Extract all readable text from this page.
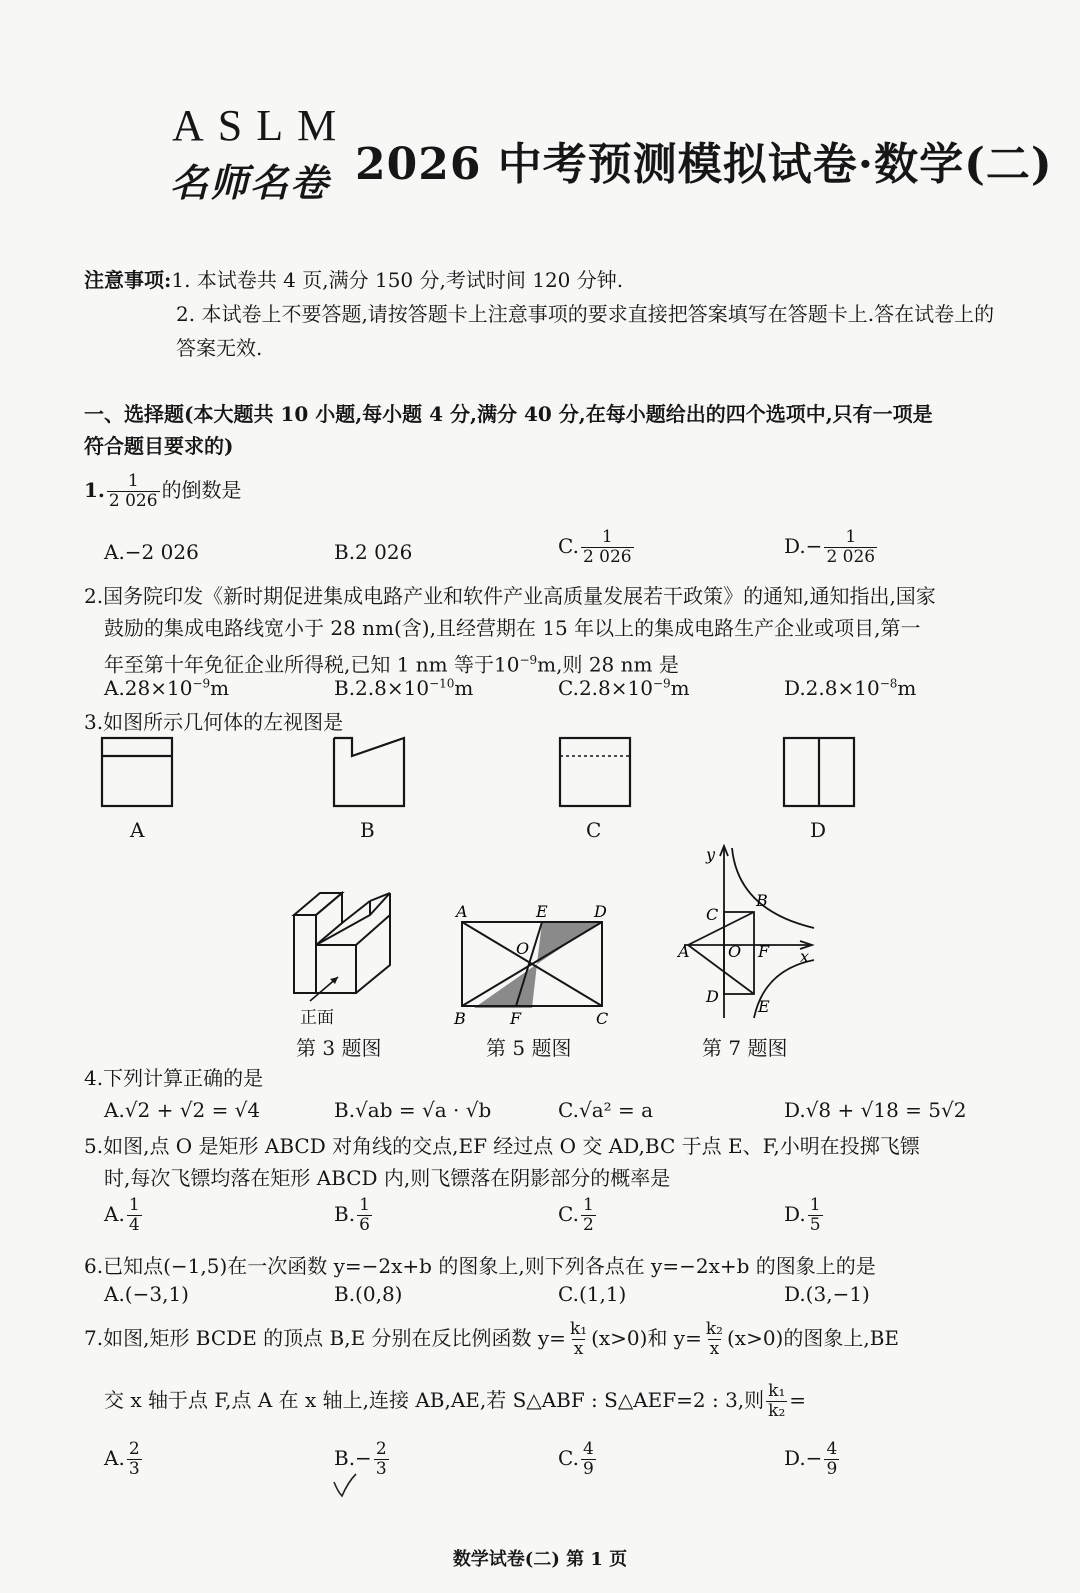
ASLM
名师名卷 2026 中考预测模拟试卷·数学(二)
注意事项:1. 本试卷共 4 页,满分 150 分,考试时间 120 分钟.
2. 本试卷上不要答题,请按答题卡上注意事项的要求直接把答案填写在答题卡上.答在试卷上的
答案无效.
一、选择题(本大题共 10 小题,每小题 4 分,满分 40 分,在每小题给出的四个选项中,只有一项是
符合题目要求的)
1. $\frac{1}{2 026}$ 的倒数是
A.−2 026	B.2 026	C. $\frac{1}{2 026}$	$D.- \frac{1}{2 026}$
2.国务院印发《新时期促进集成电路产业和软件产业高质量发展若干政策》的通知,通知指出,国家
鼓励的集成电路线宽小于 28 nm(含),且经营期在 15 年以上的集成电路生产企业或项目,第一
年至第十年免征企业所得税,已知 1 nm 等于$10^{-9}m$,则 28 nm 是
$A.28\times 10^{-9}m$	$B.2.8\times 10^{-10}m$	$C.2.8\times 10^{-9}m$	$D.2.8\times 10^{-8}m$
3.如图所示几何体的左视图是
A	B	C	D
正面
第 3 题图
A	E	D
O
B	F	C
第 5 题图
y
x
C
B
A O F
D
E
第 7 题图
4.下列计算正确的是
A.√2 + √2 = √4	B.√ab = √a · √b	C.√a² = a	D.√8 + √18 = 5√2
5.如图,点 O 是矩形 ABCD 对角线的交点,EF 经过点 O 交 AD,BC 于点 E、F,小明在投掷飞镖
时,每次飞镖均落在矩形 ABCD 内,则飞镖落在阴影部分的概率是
A. $\frac{1}{4}$	B. $\frac{1}{6}$	C. $\frac{1}{2}$	D. $\frac{1}{5}$
6.已知点(−1,5)在一次函数 y=−2x+b 的图象上,则下列各点在 y=−2x+b 的图象上的是
A.(−3,1)	B.(0,8)	C.(1,1)	D.(3,−1)
7.如图,矩形 BCDE 的顶点 B,E 分别在反比例函数 $y= \frac{\text{k₁}}{x} (x>0)$和 $y= \frac{\text{k₂}}{x} (x>0)$的图象上,BE
交 x 轴于点 F,点 A 在 x 轴上,连接 AB,AE,若 S△ABF : S△AEF=2 : 3,则 $\frac{\text{k₁}}{\text{k₂}}$ =
A. $\frac{2}{3}$	$B.- \frac{2}{3}$	C. $\frac{4}{9}$	$D.- \frac{4}{9}$
数学试卷(二) 第 1 页
